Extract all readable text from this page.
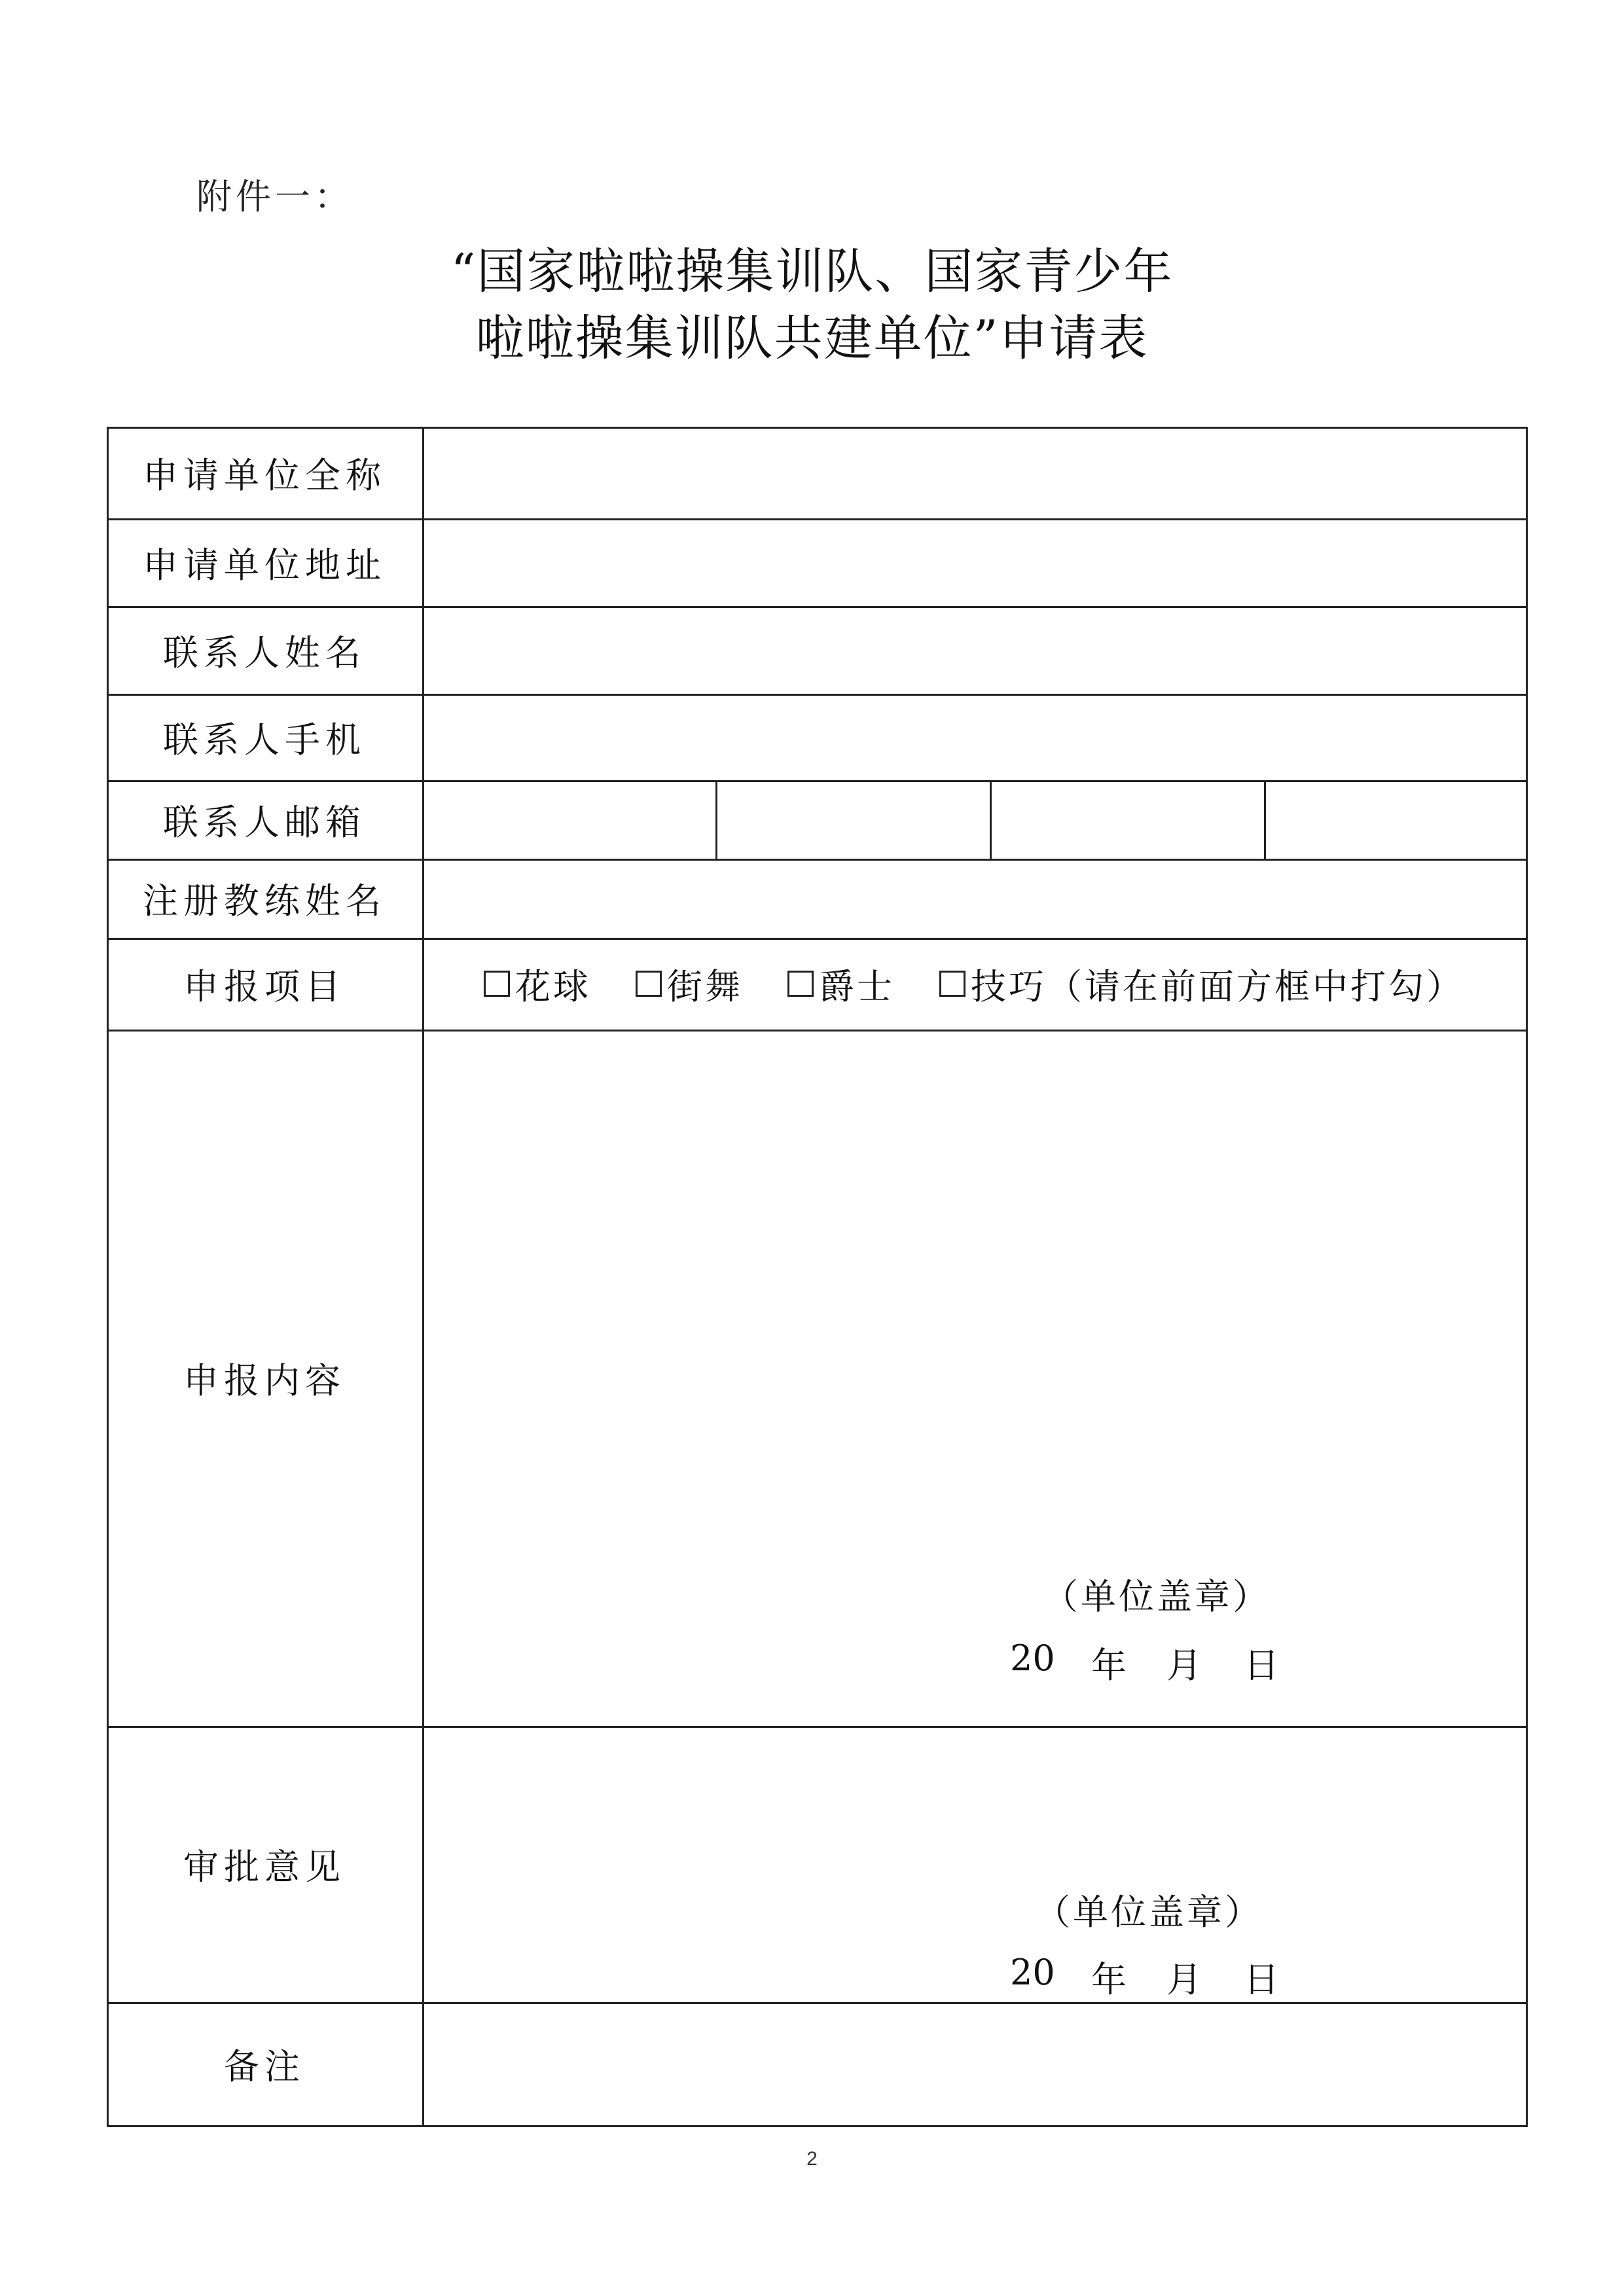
附件一：
“国家啦啦操集训队、国家青少年
啦啦操集训队共建单位”申请表
申请单位全称
申请单位地址
联系人姓名
联系人手机
联系人邮箱
注册教练姓名
申报项目
申报内容
审批意见
备注
花球 街舞 爵士 技巧 （请在前面方框中打勾）
（单位盖章）

20

年

月

日

（单位盖章）

20

年

月

日

2
